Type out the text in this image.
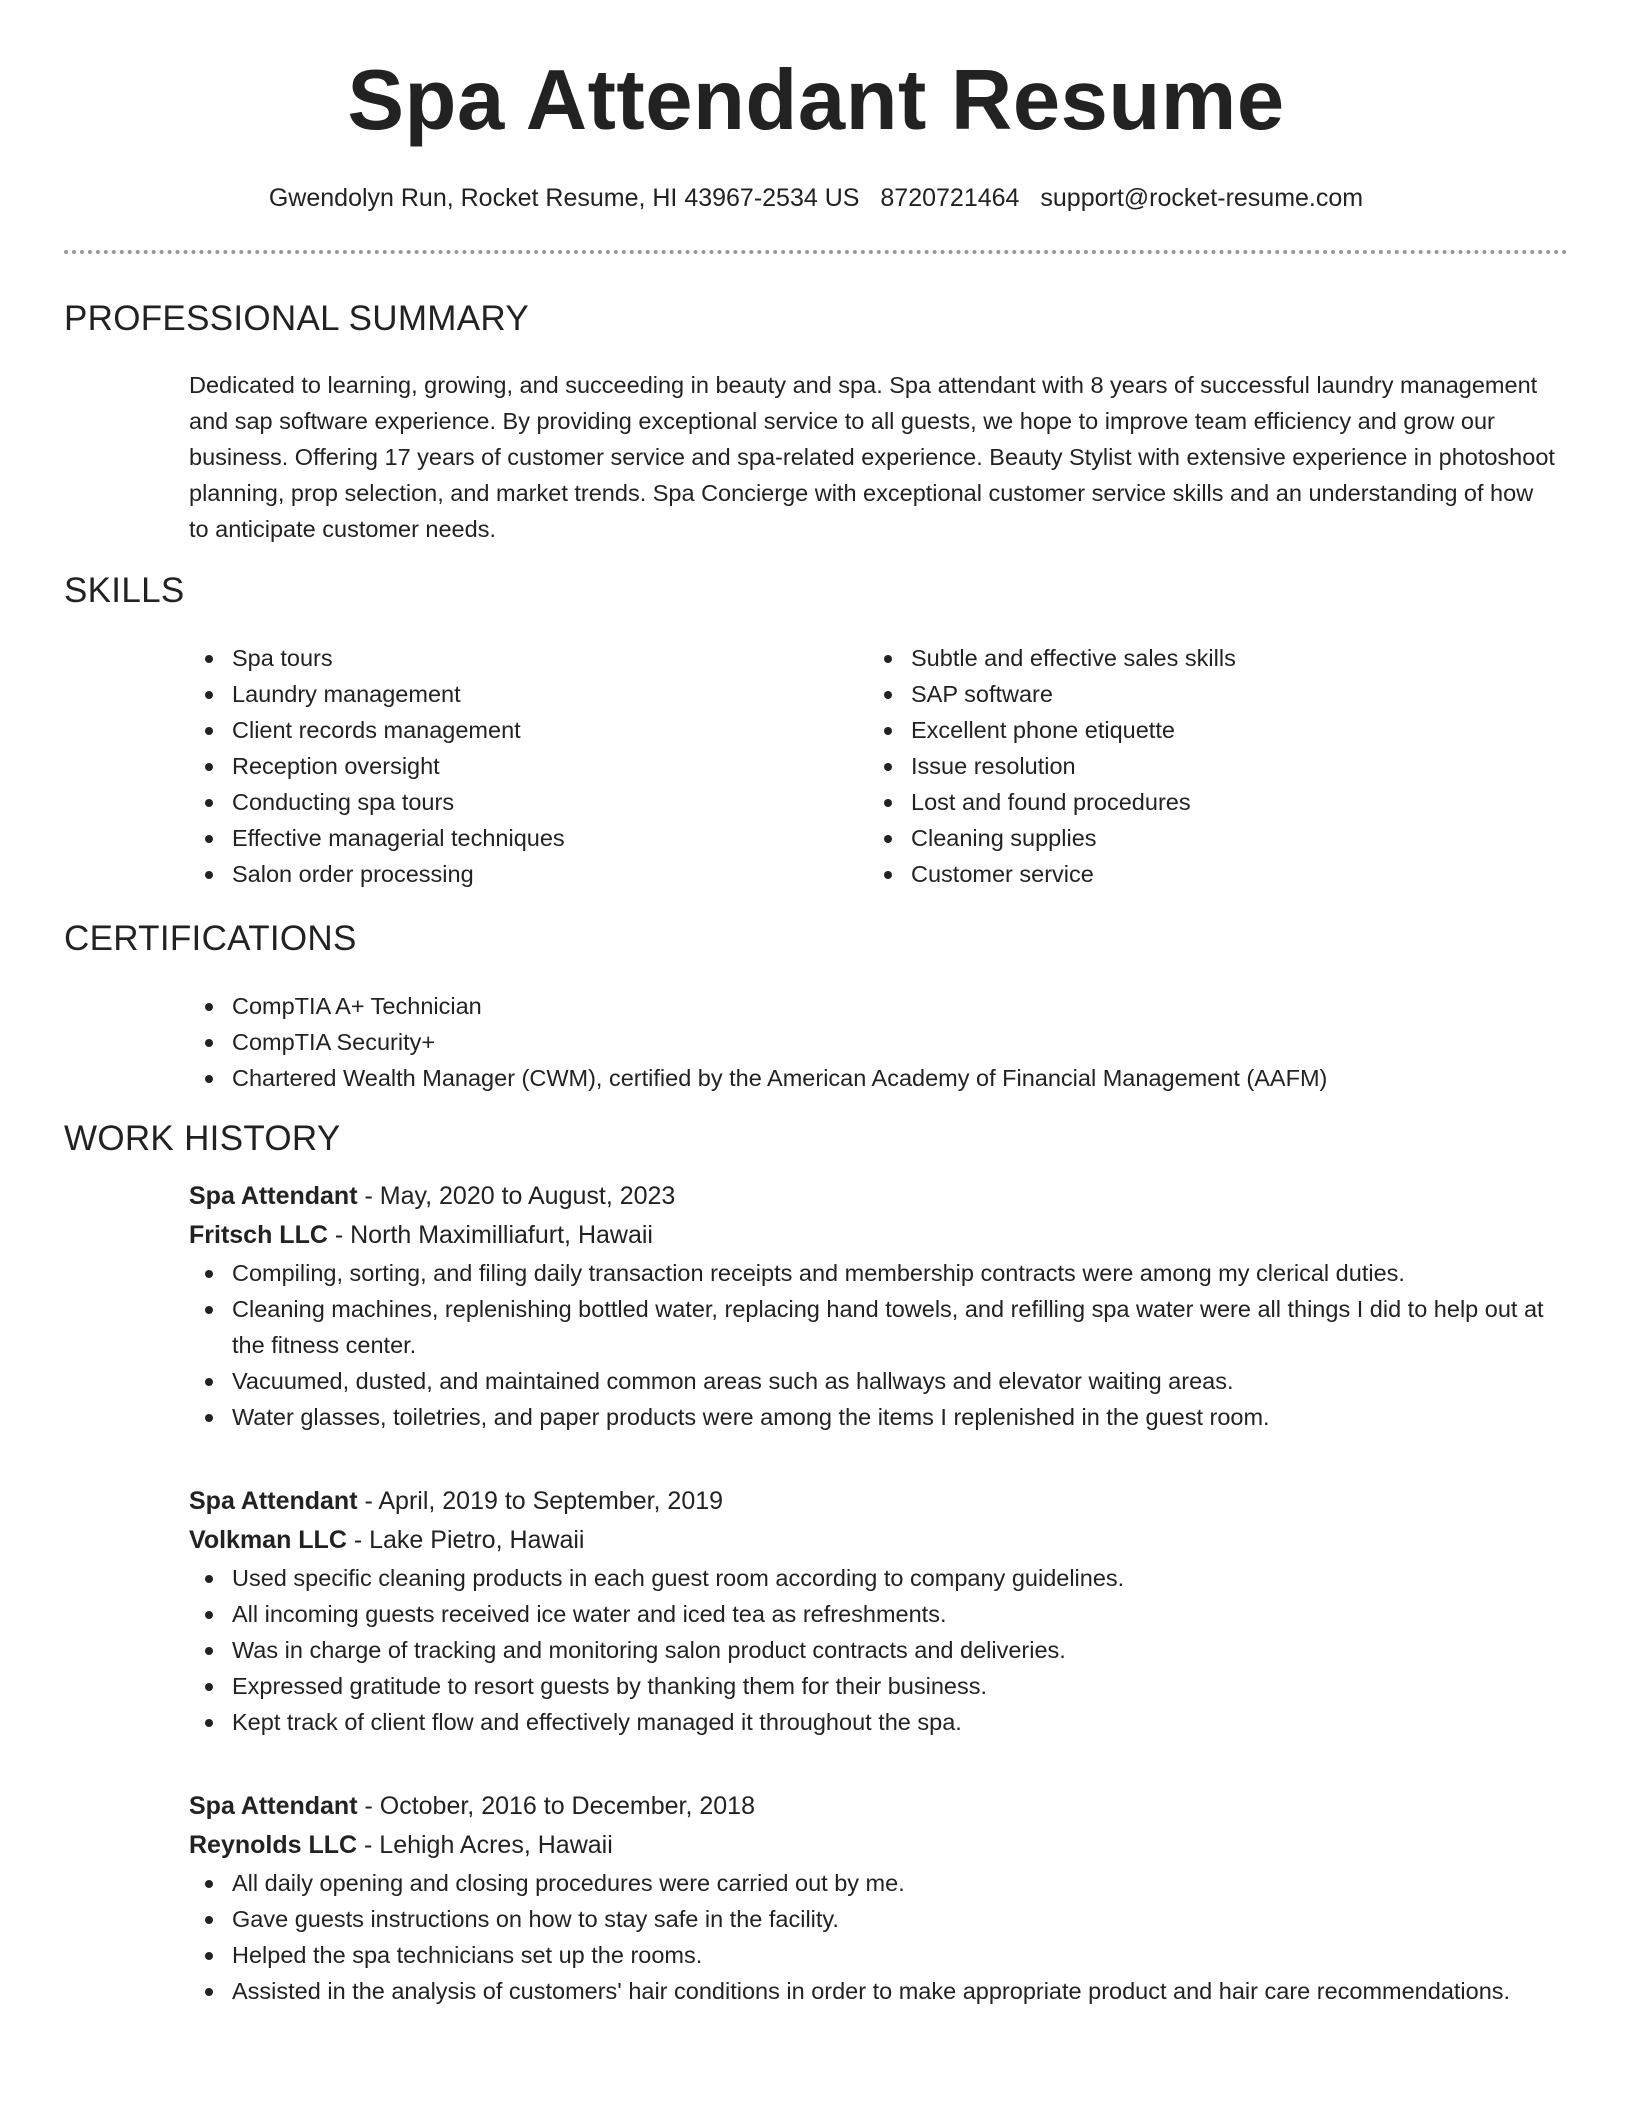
Spa Attendant Resume
Gwendolyn Run, Rocket Resume, HI 43967-2534 US 8720721464 support@rocket-resume.com
PROFESSIONAL SUMMARY

Dedicated to learning, growing, and succeeding in beauty and spa. Spa attendant with 8 years of successful laundry management and sap software experience. By providing exceptional service to all guests, we hope to improve team efficiency and grow our business. Offering 17 years of customer service and spa-related experience. Beauty Stylist with extensive experience in photoshoot planning, prop selection, and market trends. Spa Concierge with exceptional customer service skills and an understanding of how to anticipate customer needs.

SKILLS
Spa tours
Laundry management
Client records management
Reception oversight
Conducting spa tours
Effective managerial techniques
Salon order processing
Subtle and effective sales skills
SAP software
Excellent phone etiquette
Issue resolution
Lost and found procedures
Cleaning supplies
Customer service
CERTIFICATIONS
CompTIA A+ Technician
CompTIA Security+
Chartered Wealth Manager (CWM), certified by the American Academy of Financial Management (AAFM)
WORK HISTORY
Spa Attendant - May, 2020 to August, 2023
Fritsch LLC - North Maximilliafurt, Hawaii
Compiling, sorting, and filing daily transaction receipts and membership contracts were among my clerical duties.
Cleaning machines, replenishing bottled water, replacing hand towels, and refilling spa water were all things I did to help out at the fitness center.
Vacuumed, dusted, and maintained common areas such as hallways and elevator waiting areas.
Water glasses, toiletries, and paper products were among the items I replenished in the guest room.
Spa Attendant - April, 2019 to September, 2019
Volkman LLC - Lake Pietro, Hawaii
Used specific cleaning products in each guest room according to company guidelines.
All incoming guests received ice water and iced tea as refreshments.
Was in charge of tracking and monitoring salon product contracts and deliveries.
Expressed gratitude to resort guests by thanking them for their business.
Kept track of client flow and effectively managed it throughout the spa.
Spa Attendant - October, 2016 to December, 2018
Reynolds LLC - Lehigh Acres, Hawaii
All daily opening and closing procedures were carried out by me.
Gave guests instructions on how to stay safe in the facility.
Helped the spa technicians set up the rooms.
Assisted in the analysis of customers' hair conditions in order to make appropriate product and hair care recommendations.
